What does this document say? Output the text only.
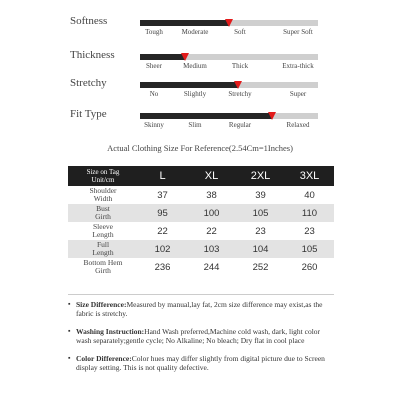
Softness
Tough	Moderate	Soft	Super Soft
Thickness
Sheer	Medium	Thick	Extra-thick
Stretchy
No	Slightly	Stretchy	Super
Fit Type
Skinny	Slim	Regular	Relaxed
Actual Clothing Size For Reference(2.54Cm=1Inches)
Size on Tag
Unit/cm	L	XL	2XL	3XL
Shoulder
Width	37	38	39	40
Bust
Girth	95	100	105	110
Sleeve
Length	22	22	23	23
Full
Length	102	103	104	105
Bottom Hem
Girth	236	244	252	260
▪ Size Difference:Measured by manual,lay fat, 2cm size difference may exist,as the fabric is stretchy.
▪ Washing Instruction:Hand Wash preferred,Machine cold wash, dark, light color wash separately;gentle cycle; No Alkaline; No bleach; Dry flat in cool place
▪ Color Difference:Color hues may differ slightly from digital picture due to Screen display setting. This is not quality defective.
